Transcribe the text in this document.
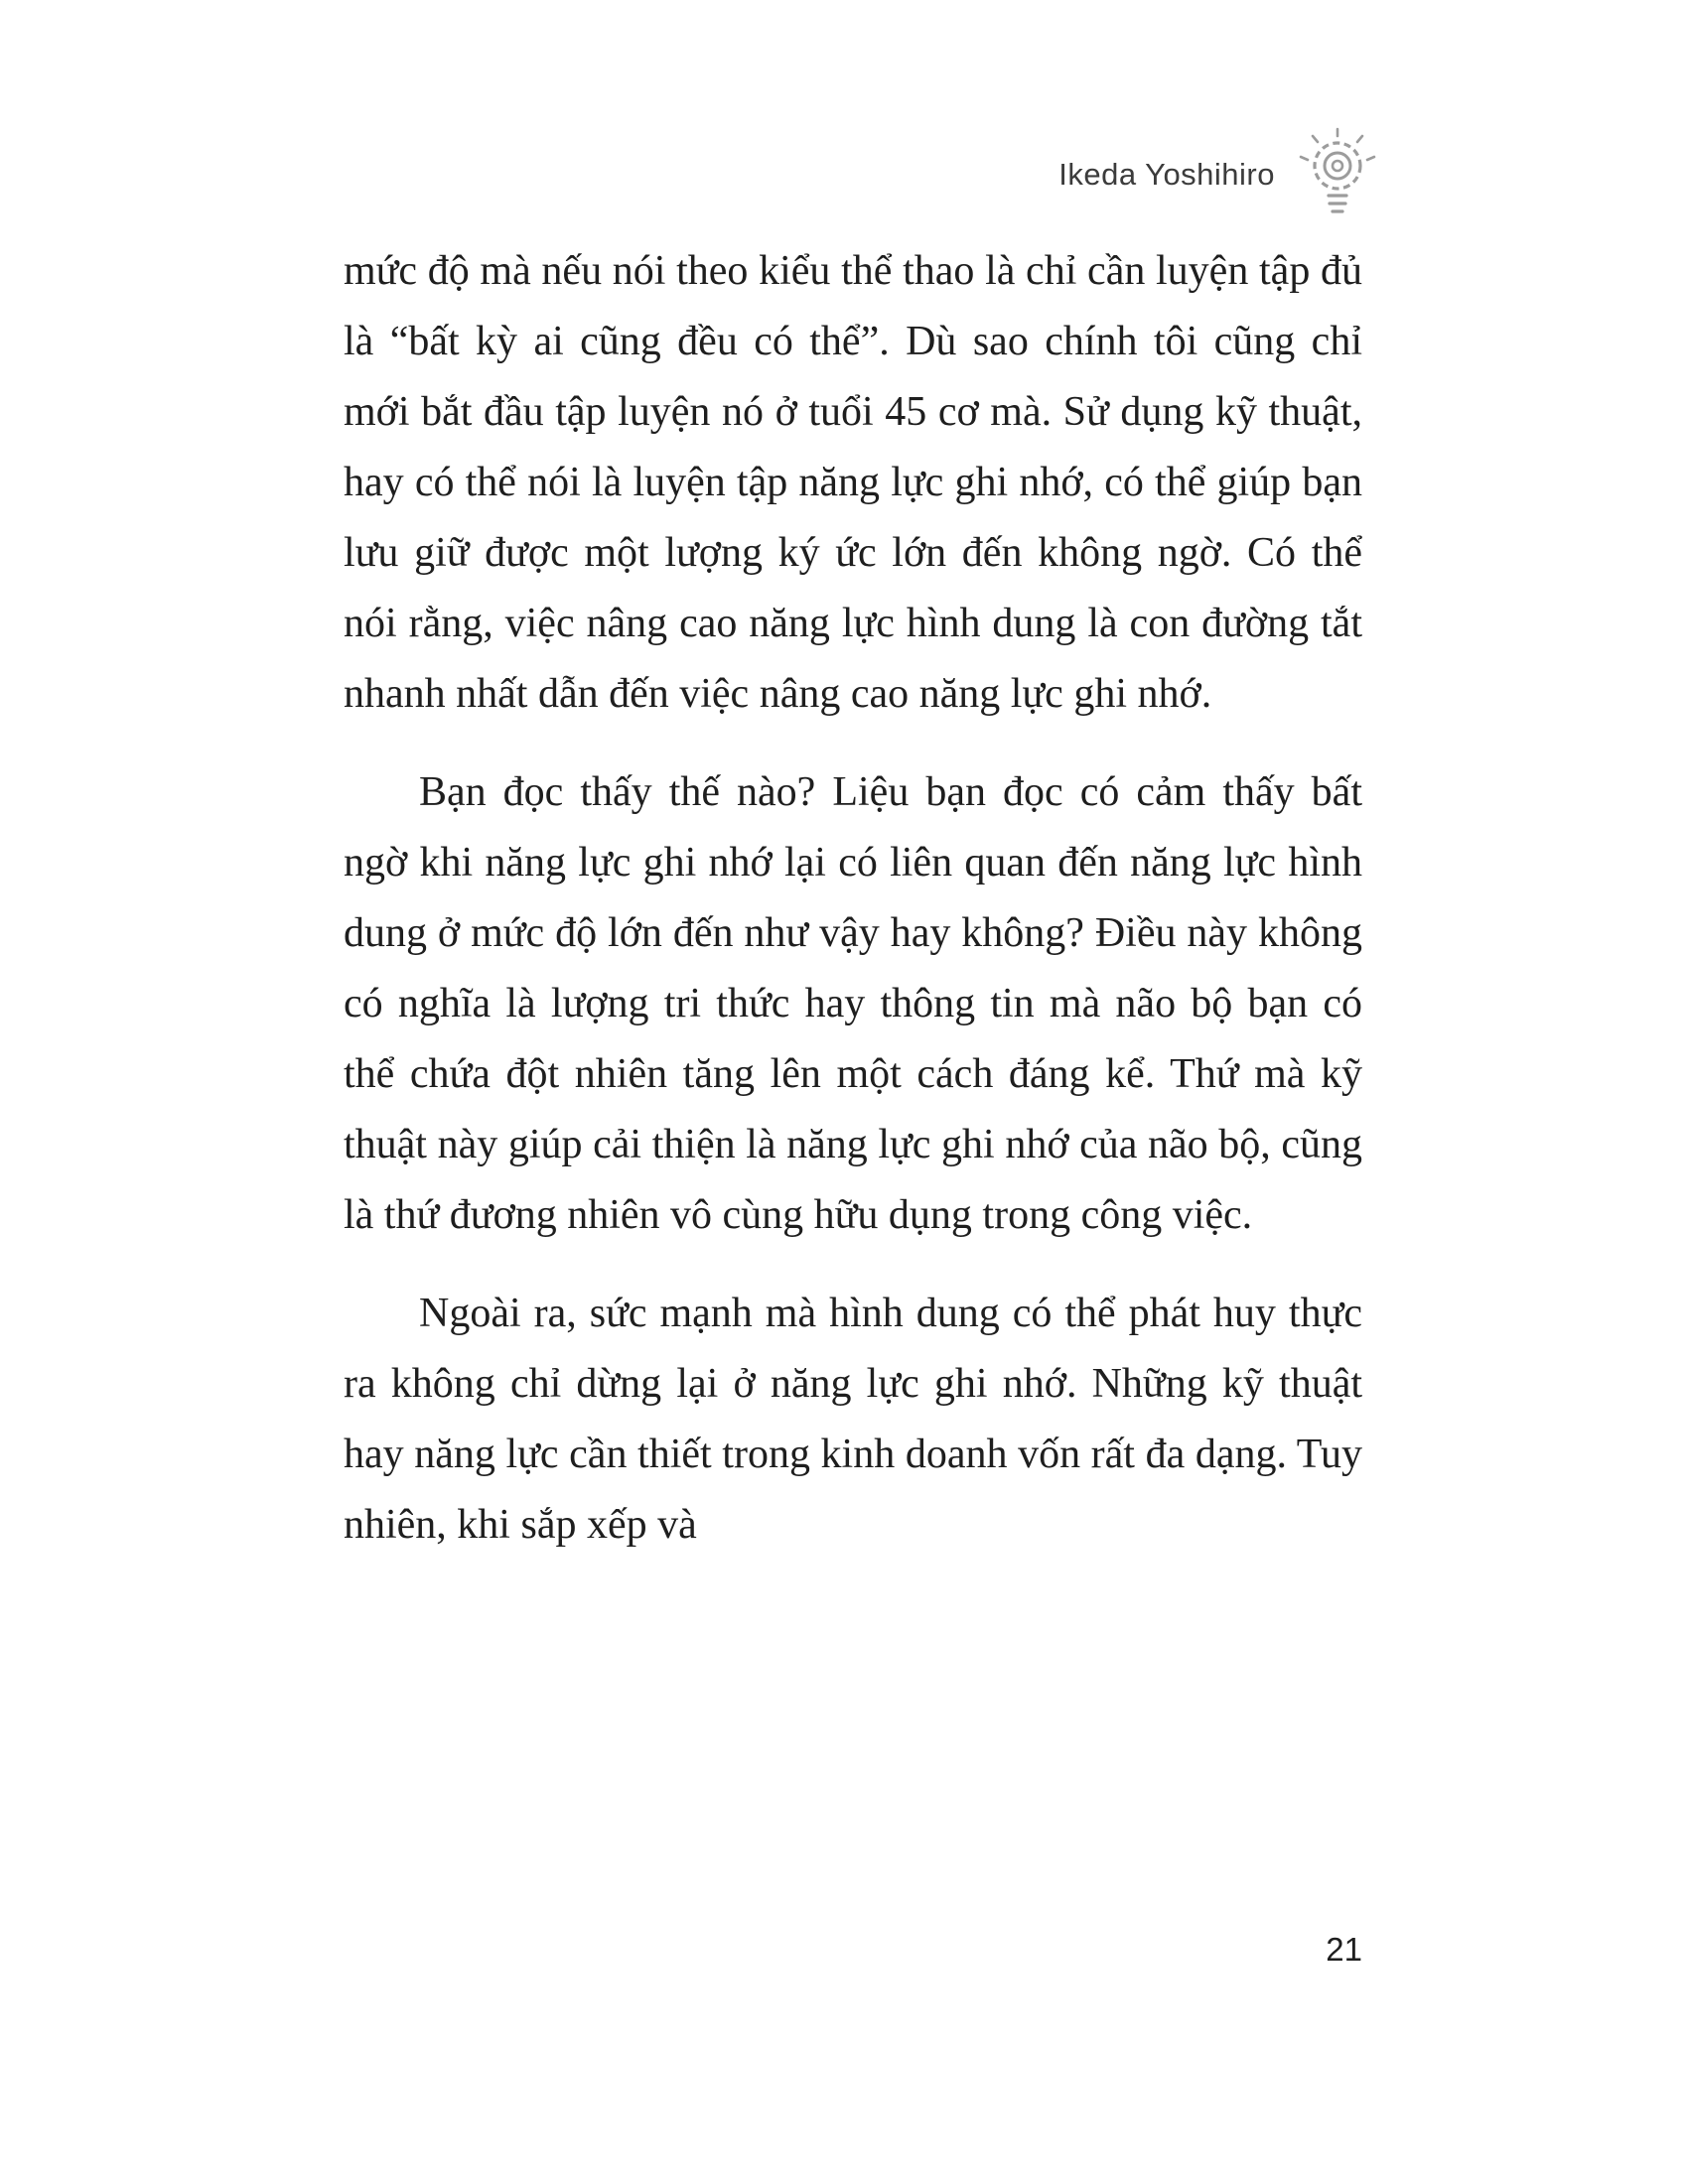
Ikeda Yoshihiro

mức độ mà nếu nói theo kiểu thể thao là chỉ cần luyện tập đủ là “bất kỳ ai cũng đều có thể”. Dù sao chính tôi cũng chỉ mới bắt đầu tập luyện nó ở tuổi 45 cơ mà. Sử dụng kỹ thuật, hay có thể nói là luyện tập năng lực ghi nhớ, có thể giúp bạn lưu giữ được một lượng ký ức lớn đến không ngờ. Có thể nói rằng, việc nâng cao năng lực hình dung là con đường tắt nhanh nhất dẫn đến việc nâng cao năng lực ghi nhớ.

Bạn đọc thấy thế nào? Liệu bạn đọc có cảm thấy bất ngờ khi năng lực ghi nhớ lại có liên quan đến năng lực hình dung ở mức độ lớn đến như vậy hay không? Điều này không có nghĩa là lượng tri thức hay thông tin mà não bộ bạn có thể chứa đột nhiên tăng lên một cách đáng kể. Thứ mà kỹ thuật này giúp cải thiện là năng lực ghi nhớ của não bộ, cũng là thứ đương nhiên vô cùng hữu dụng trong công việc.

Ngoài ra, sức mạnh mà hình dung có thể phát huy thực ra không chỉ dừng lại ở năng lực ghi nhớ. Những kỹ thuật hay năng lực cần thiết trong kinh doanh vốn rất đa dạng. Tuy nhiên, khi sắp xếp và

21
